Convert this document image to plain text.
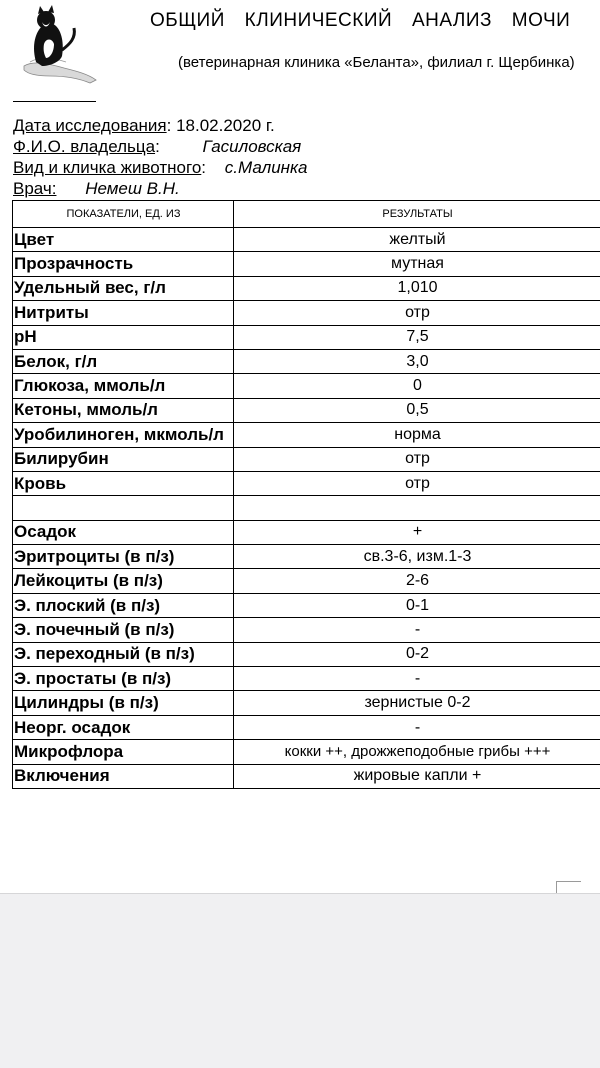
ОБЩИЙ КЛИНИЧЕСКИЙ АНАЛИЗ МОЧИ
(ветеринарная клиника «Беланта», филиал г. Щербинка)
Дата исследования: 18.02.2020 г.
Ф.И.О. владельца:	Гасиловская
Вид и кличка животного: с.Малинка
Врач: Немеш В.Н.
ПОКАЗАТЕЛИ, ЕД. ИЗ	РЕЗУЛЬТАТЫ
Цвет	желтый
Прозрачность	мутная
Удельный вес, г/л	1,010
Нитриты	отр
pH	7,5
Белок, г/л	3,0
Глюкоза, ммоль/л	0
Кетоны, ммоль/л	0,5
Уробилиноген, мкмоль/л	норма
Билирубин	отр
Кровь	отр

Осадок	+
Эритроциты (в п/з)	св.3-6, изм.1-3
Лейкоциты (в п/з)	2-6
Э. плоский (в п/з)	0-1
Э. почечный (в п/з)	-
Э. переходный (в п/з)	0-2
Э. простаты (в п/з)	-
Цилиндры (в п/з)	зернистые 0-2
Неорг. осадок	-
Микрофлора	кокки ++, дрожжеподобные грибы +++
Включения	жировые капли +
